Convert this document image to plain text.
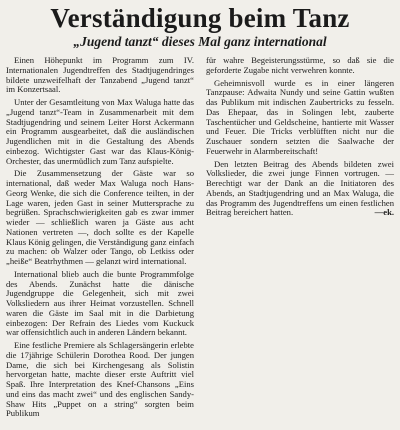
Verständigung beim Tanz
„Jugend tanzt“ dieses Mal ganz international

Einen Höhepunkt im Programm zum IV. Internationalen Jugendtreffen des Stadtjugendringes bildete unzweifelhaft der Tanzabend „Jugend tanzt“ im Konzertsaal.

Unter der Gesamtleitung von Max Waluga hatte das „Jugend tanzt“-Team in Zusammenarbeit mit dem Stadtjugendring und seinem Leiter Horst Ackermann ein Programm ausgearbeitet, daß die ausländischen Jugendlichen mit in die Gestaltung des Abends einbezog. Wichtigster Gast war das Klaus-König-Orchester, das unermüdlich zum Tanz aufspielte.

Die Zusammensetzung der Gäste war so international, daß weder Max Waluga noch Hans-Georg Wenke, die sich die Conference teilten, in der Lage waren, jeden Gast in seiner Muttersprache zu begrüßen. Sprachschwierigkeiten gab es zwar immer wieder — schließlich waren ja Gäste aus acht Nationen vertreten —, doch sollte es der Kapelle Klaus König gelingen, die Verständigung ganz einfach zu machen: ob Walzer oder Tango, ob Letkiss oder „heiße“ Beatrhythmen — gelanzt wird international.

International blieb auch die bunte Programmfolge des Abends. Zunächst hatte die dänische Jugendgruppe die Gelegenheit, sich mit zwei Volksliedern aus ihrer Heimat vorzustellen. Schnell waren die Gäste im Saal mit in die Darbietung einbezogen: Der Refrain des Liedes vom Kuckuck war offensichtlich auch in anderen Ländern bekannt.

Eine festliche Premiere als Schlagersängerin erlebte die 17jährige Schülerin Dorothea Rood. Der jungen Dame, die sich bei Kirchengesang als Solistin hervorgetan hatte, machte dieser erste Auftritt viel Spaß. Ihre Interpretation des Knef-Chansons „Eins und eins das macht zwei“ und des englischen Sandy-Shaw Hits „Puppet on a string“ sorgten beim Publikum

für wahre Begeisterungsstürme, so daß sie die geforderte Zugabe nicht verwehren konnte.

Geheimnisvoll wurde es in einer längeren Tanzpause: Adwaita Nundy und seine Gattin wußten das Publikum mit indischen Zaubertricks zu fesseln. Das Ehepaar, das in Solingen lebt, zauberte Taschentücher und Geldscheine, hantierte mit Wasser und Feuer. Die Tricks verblüfften nicht nur die Zuschauer sondern setzten die Saalwache der Feuerwehr in Alarmbereitschaft!

Den letzten Beitrag des Abends bildeten zwei Volkslieder, die zwei junge Finnen vortrugen. — Berechtigt war der Dank an die Initiatoren des Abends, an Stadtjugendring und an Max Waluga, die das Programm des Jugendtreffens um einen festlichen Beitrag bereichert hatten.	—ek.
